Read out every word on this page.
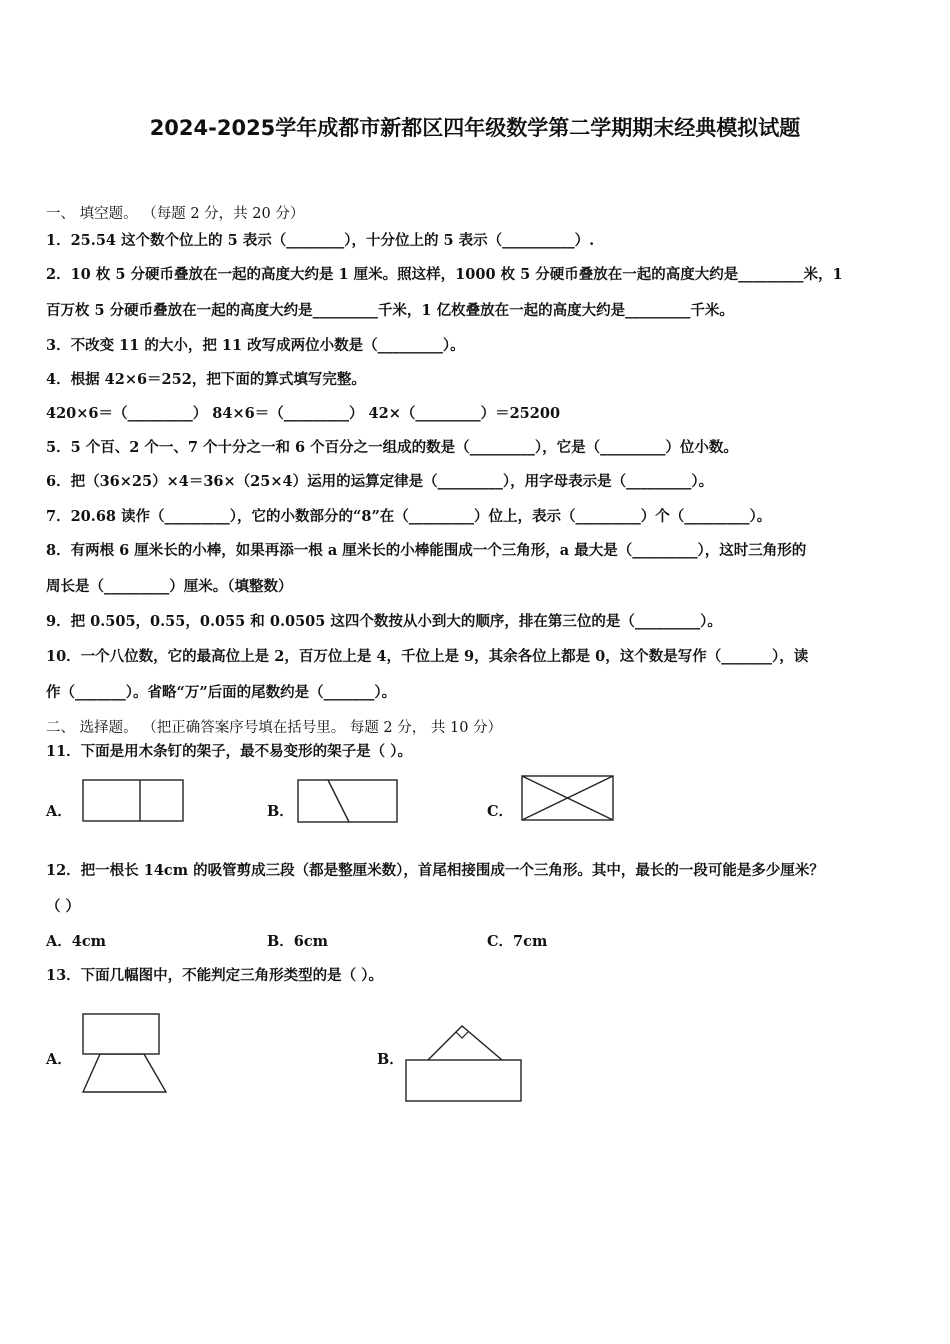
2024-2025学年成都市新都区四年级数学第二学期期末经典模拟试题
一、 填空题。 （每题 2 分，共 20 分）
1．25.54 这个数个位上的 5 表示（________），十分位上的 5 表示（__________）.
2．10 枚 5 分硬币叠放在一起的高度大约是 1 厘米。照这样，1000 枚 5 分硬币叠放在一起的高度大约是_________米，1
百万枚 5 分硬币叠放在一起的高度大约是_________千米，1 亿枚叠放在一起的高度大约是_________千米。
3．不改变 11 的大小，把 11 改写成两位小数是（_________）。
4．根据 42×6＝252，把下面的算式填写完整。
420×6＝（_________） 84×6＝（_________） 42×（_________）＝25200
5．5 个百、2 个一、7 个十分之一和 6 个百分之一组成的数是（_________），它是（_________）位小数。
6．把（36×25）×4＝36×（25×4）运用的运算定律是（_________），用字母表示是（_________）。
7．20.68 读作（_________），它的小数部分的“8”在（_________）位上，表示（_________）个（_________）。
8．有两根 6 厘米长的小棒，如果再添一根 a 厘米长的小棒能围成一个三角形，a 最大是（_________），这时三角形的
周长是（_________）厘米。（填整数）
9．把 0.505，0.55，0.055 和 0.0505 这四个数按从小到大的顺序，排在第三位的是（_________）。
10．一个八位数，它的最高位上是 2，百万位上是 4，千位上是 9，其余各位上都是 0，这个数是写作（_______），读
作（_______）。省略“万”后面的尾数约是（_______）。
二、 选择题。 （把正确答案序号填在括号里。 每题 2 分， 共 10 分）
11．下面是用木条钉的架子，最不易变形的架子是（ ）。
A．	B．	C．
12．把一根长 14cm 的吸管剪成三段（都是整厘米数），首尾相接围成一个三角形。其中，最长的一段可能是多少厘米？
（ ）
A．4cm	B．6cm	C．7cm
13．下面几幅图中，不能判定三角形类型的是（ ）。
A．	B．
